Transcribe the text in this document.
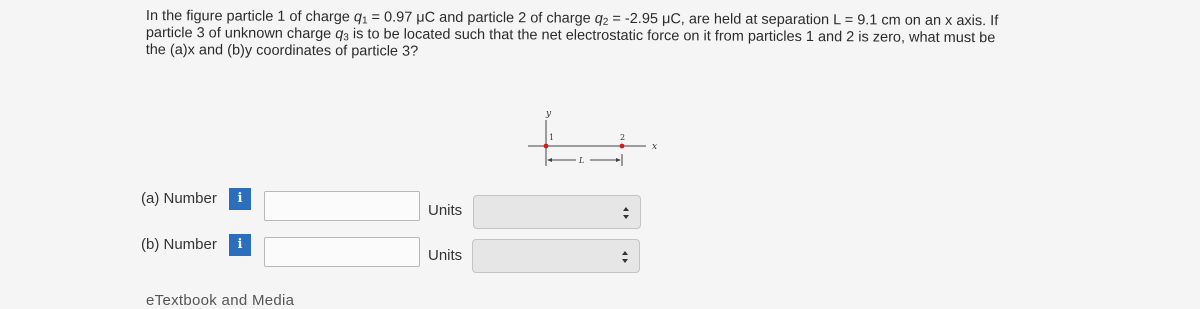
In the figure particle 1 of charge $q_1 = 0.97$ μC and particle 2 of charge $q_2 = -2.95$ μC, are held at separation L = 9.1 cm on an x axis. If
particle 3 of unknown charge $q_3$ is to be located such that the net electrostatic force on it from particles 1 and 2 is zero, what must be
the (a)x and (b)y coordinates of particle 3?
y
x
1	2
L
(a) Number	i
Units
(b) Number	i
Units
eTextbook and Media
